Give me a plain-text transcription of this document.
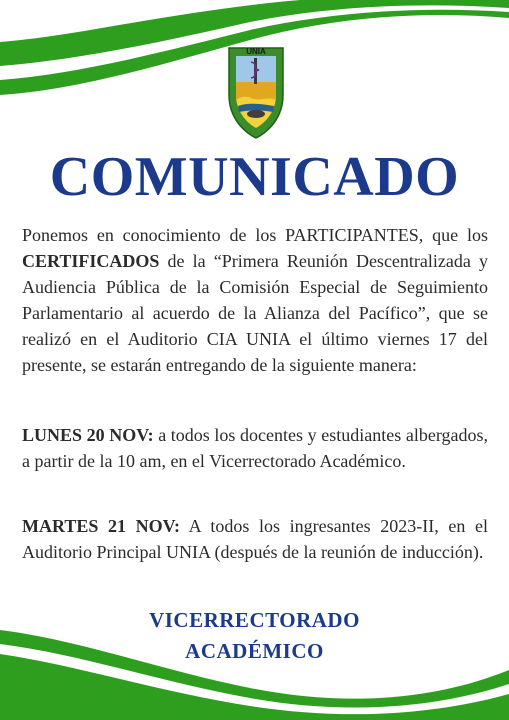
UNIA
COMUNICADO
Ponemos en conocimiento de los PARTICIPANTES, que los CERTIFICADOS de la “Primera Reunión Descentralizada y Audiencia Pública de la Comisión Especial de Seguimiento Parlamentario al acuerdo de la Alianza del Pacífico”, que se realizó en el Auditorio CIA UNIA el último viernes 17 del presente, se estarán entregando de la siguiente manera:
LUNES 20 NOV: a todos los docentes y estudiantes albergados, a partir de la 10 am, en el Vicerrectorado Académico.
MARTES 21 NOV: A todos los ingresantes 2023-II, en el Auditorio Principal UNIA (después de la reunión de inducción).
VICERRECTORADO
ACADÉMICO
